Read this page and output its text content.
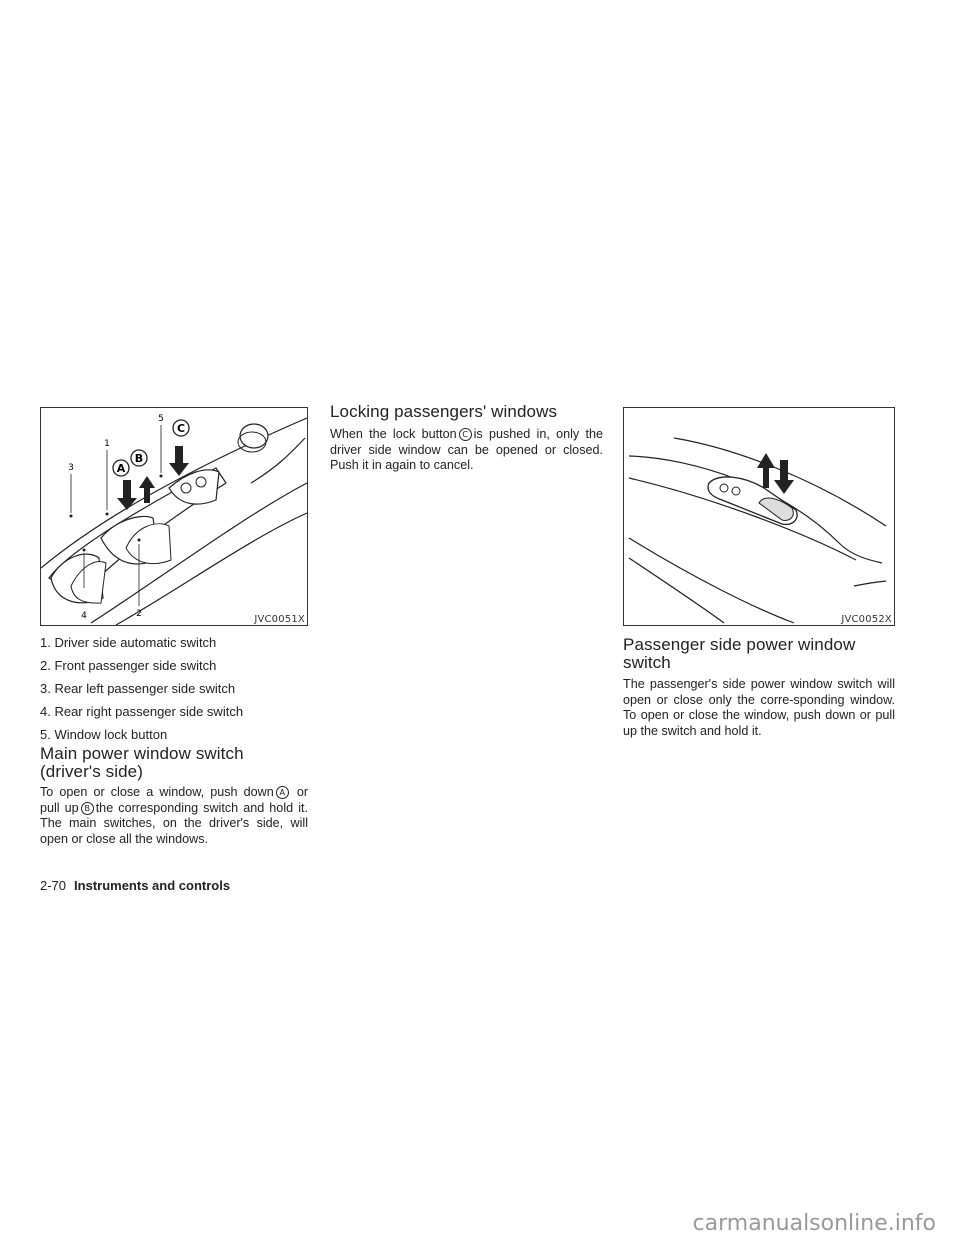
A
B
C
1
2
3
4
5
JVC0051X
1. Driver side automatic switch
2. Front passenger side switch
3. Rear left passenger side switch
4. Rear right passenger side switch
5. Window lock button
Main power window switch
(driver's side)

To open or close a window, push down A or pull up B the corresponding switch and hold it. The main switches, on the driver's side, will open or close all the windows.

Locking passengers' windows

When the lock button C is pushed in, only the driver side window can be opened or closed. Push it in again to cancel.

JVC0052X
Passenger side power window
switch

The passenger's side power window switch will open or close only the corre-sponding window. To open or close the window, push down or pull up the switch and hold it.

2-70 Instruments and controls
carmanualsonline.info
